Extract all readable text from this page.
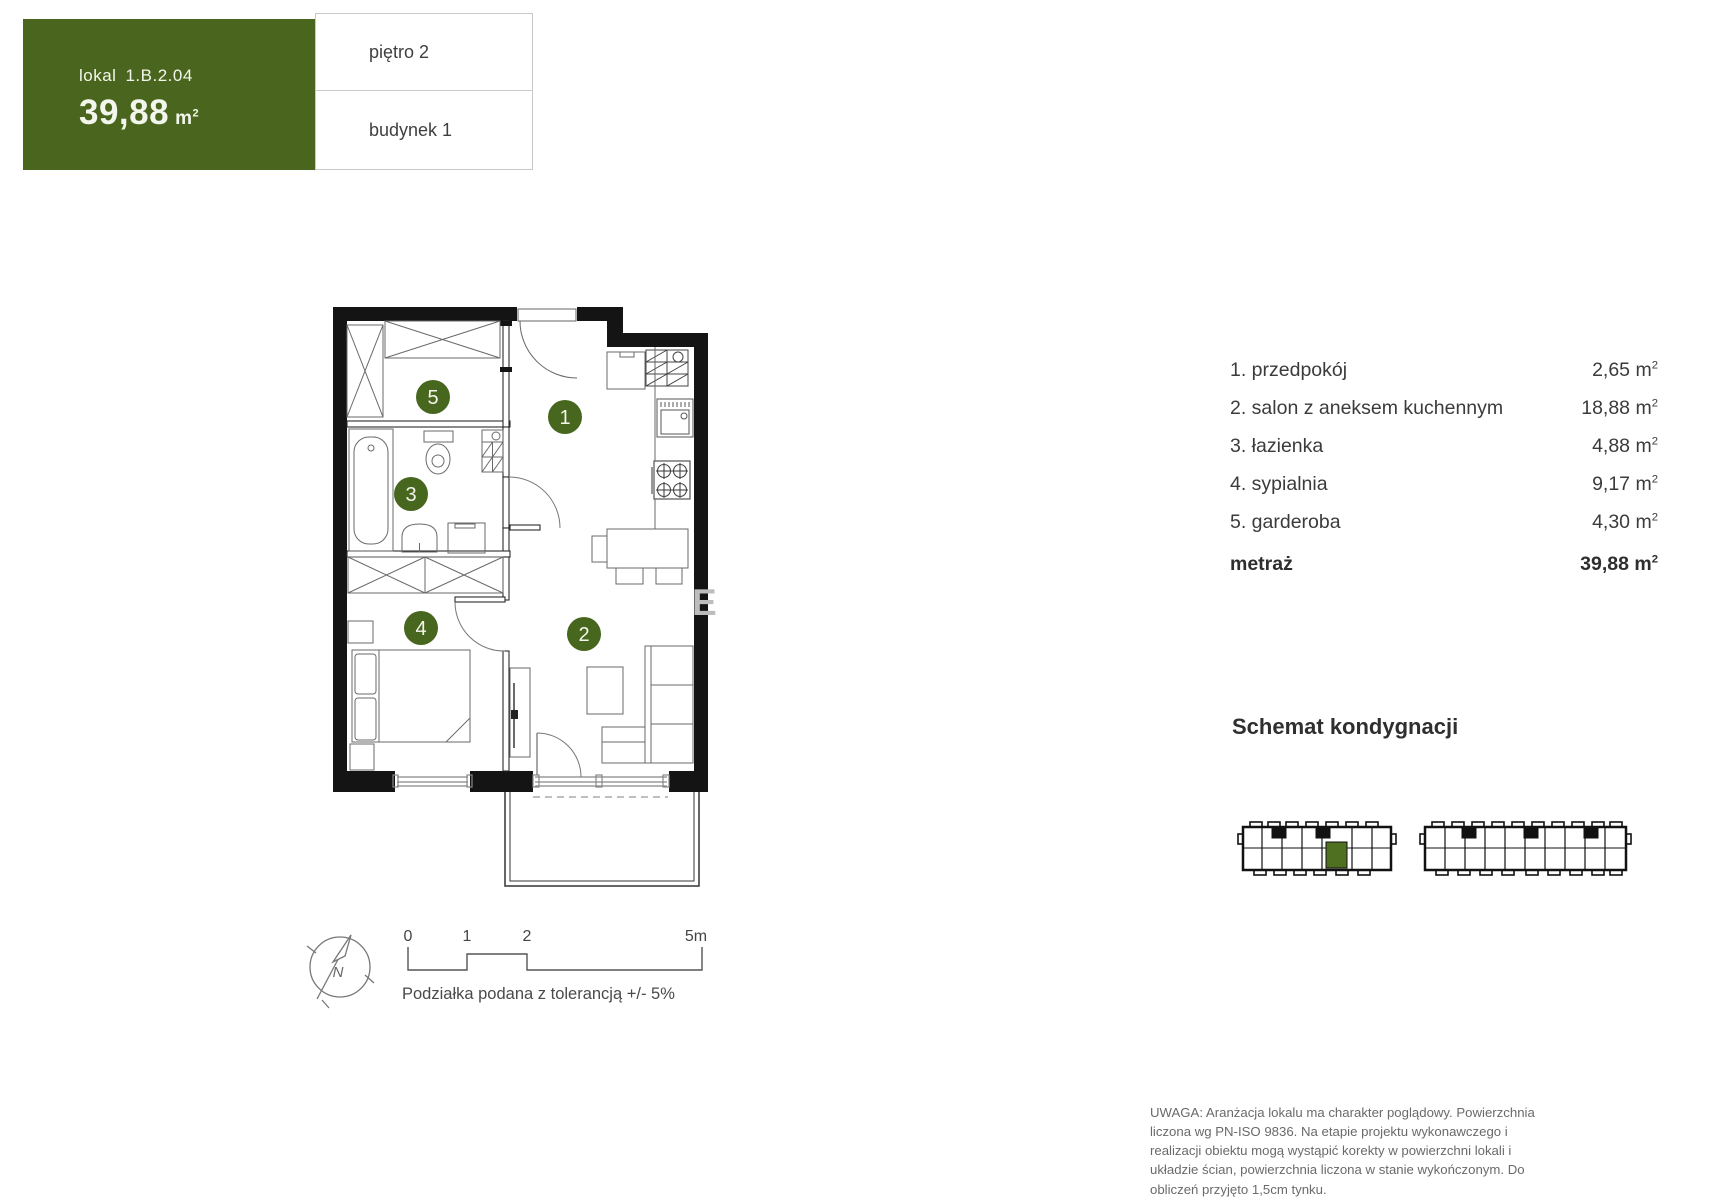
lokal 1.B.2.04
39,88 $m^2$
piętro 2
budynek 1
1. przedpokój	2,65 $m^2$
2. salon z aneksem kuchennym	18,88 $m^2$
3. łazienka	4,88 $m^2$
4. sypialnia	9,17 $m^2$
5. garderoba	4,30 $m^2$
metraż	39,88 $m^2$
Schemat kondygnacji
Podziałka podana z tolerancją +/- 5%
E
UWAGA: Aranżacja lokalu ma charakter poglądowy. Powierzchnia liczona wg PN-ISO 9836. Na etapie projektu wykonawczego i realizacji obiektu mogą wystąpić korekty w powierzchni lokali i układzie ścian, powierzchnia liczona w stanie wykończonym. Do obliczeń przyjęto 1,5cm tynku.
1
2
3
4
5
N
0	1	2	5m
